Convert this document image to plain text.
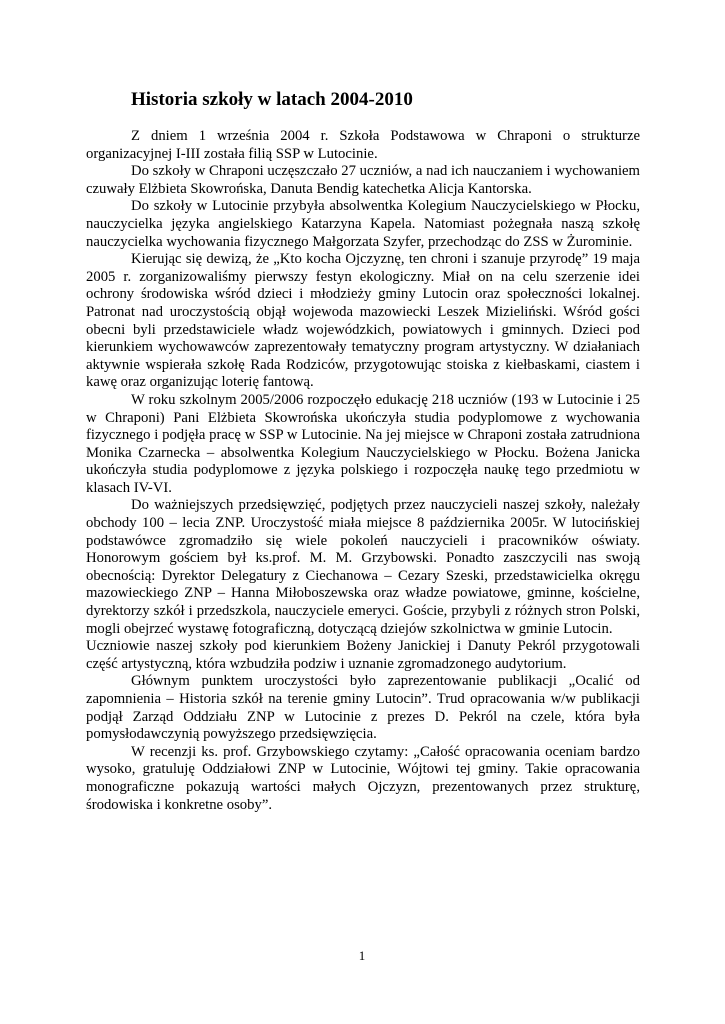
Historia szkoły w latach 2004-2010

Z dniem 1 września 2004 r. Szkoła Podstawowa w Chraponi o strukturze organizacyjnej I-III została filią SSP w Lutocinie.

Do szkoły w Chraponi uczęszczało 27 uczniów, a nad ich nauczaniem i wychowaniem czuwały Elżbieta Skowrońska, Danuta Bendig katechetka Alicja Kantorska.

Do szkoły w Lutocinie przybyła absolwentka Kolegium Nauczycielskiego w Płocku, nauczycielka języka angielskiego Katarzyna Kapela. Natomiast pożegnała naszą szkołę nauczycielka wychowania fizycznego Małgorzata Szyfer, przechodząc do ZSS w Żurominie.

Kierując się dewizą, że „Kto kocha Ojczyznę, ten chroni i szanuje przyrodę” 19 maja 2005 r. zorganizowaliśmy pierwszy festyn ekologiczny. Miał on na celu szerzenie idei ochrony środowiska wśród dzieci i młodzieży gminy Lutocin oraz społeczności lokalnej. Patronat nad uroczystością objął wojewoda mazowiecki Leszek Mizieliński. Wśród gości obecni byli przedstawiciele władz wojewódzkich, powiatowych i gminnych. Dzieci pod kierunkiem wychowawców zaprezentowały tematyczny program artystyczny. W działaniach aktywnie wspierała szkołę Rada Rodziców, przygotowując stoiska z kiełbaskami, ciastem i kawę oraz organizując loterię fantową.

W roku szkolnym 2005/2006 rozpoczęło edukację 218 uczniów (193 w Lutocinie i 25 w Chraponi) Pani Elżbieta Skowrońska ukończyła studia podyplomowe z wychowania fizycznego i podjęła pracę w SSP w Lutocinie. Na jej miejsce w Chraponi została zatrudniona Monika Czarnecka – absolwentka Kolegium Nauczycielskiego w Płocku. Bożena Janicka ukończyła studia podyplomowe z języka polskiego i rozpoczęła naukę tego przedmiotu w klasach IV-VI.

Do ważniejszych przedsięwzięć, podjętych przez nauczycieli naszej szkoły, należały obchody 100 – lecia ZNP. Uroczystość miała miejsce 8 października 2005r. W lutocińskiej podstawówce zgromadziło się wiele pokoleń nauczycieli i pracowników oświaty. Honorowym gościem był ks.prof. M. M. Grzybowski. Ponadto zaszczycili nas swoją obecnością: Dyrektor Delegatury z Ciechanowa – Cezary Szeski, przedstawicielka okręgu mazowieckiego ZNP – Hanna Miłoboszewska oraz władze powiatowe, gminne, kościelne, dyrektorzy szkół i przedszkola, nauczyciele emeryci. Goście, przybyli z różnych stron Polski, mogli obejrzeć wystawę fotograficzną, dotyczącą dziejów szkolnictwa w gminie Lutocin.

Uczniowie naszej szkoły pod kierunkiem Bożeny Janickiej i Danuty Pekról przygotowali część artystyczną, która wzbudziła podziw i uznanie zgromadzonego audytorium.

Głównym punktem uroczystości było zaprezentowanie publikacji „Ocalić od zapomnienia – Historia szkół na terenie gminy Lutocin”. Trud opracowania w/w publikacji podjął Zarząd Oddziału ZNP w Lutocinie z prezes D. Pekról na czele, która była pomysłodawczynią powyższego przedsięwzięcia.

W recenzji ks. prof. Grzybowskiego czytamy: „Całość opracowania oceniam bardzo wysoko, gratuluję Oddziałowi ZNP w Lutocinie, Wójtowi tej gminy. Takie opracowania monograficzne pokazują wartości małych Ojczyzn, prezentowanych przez strukturę, środowiska i konkretne osoby”.

1
